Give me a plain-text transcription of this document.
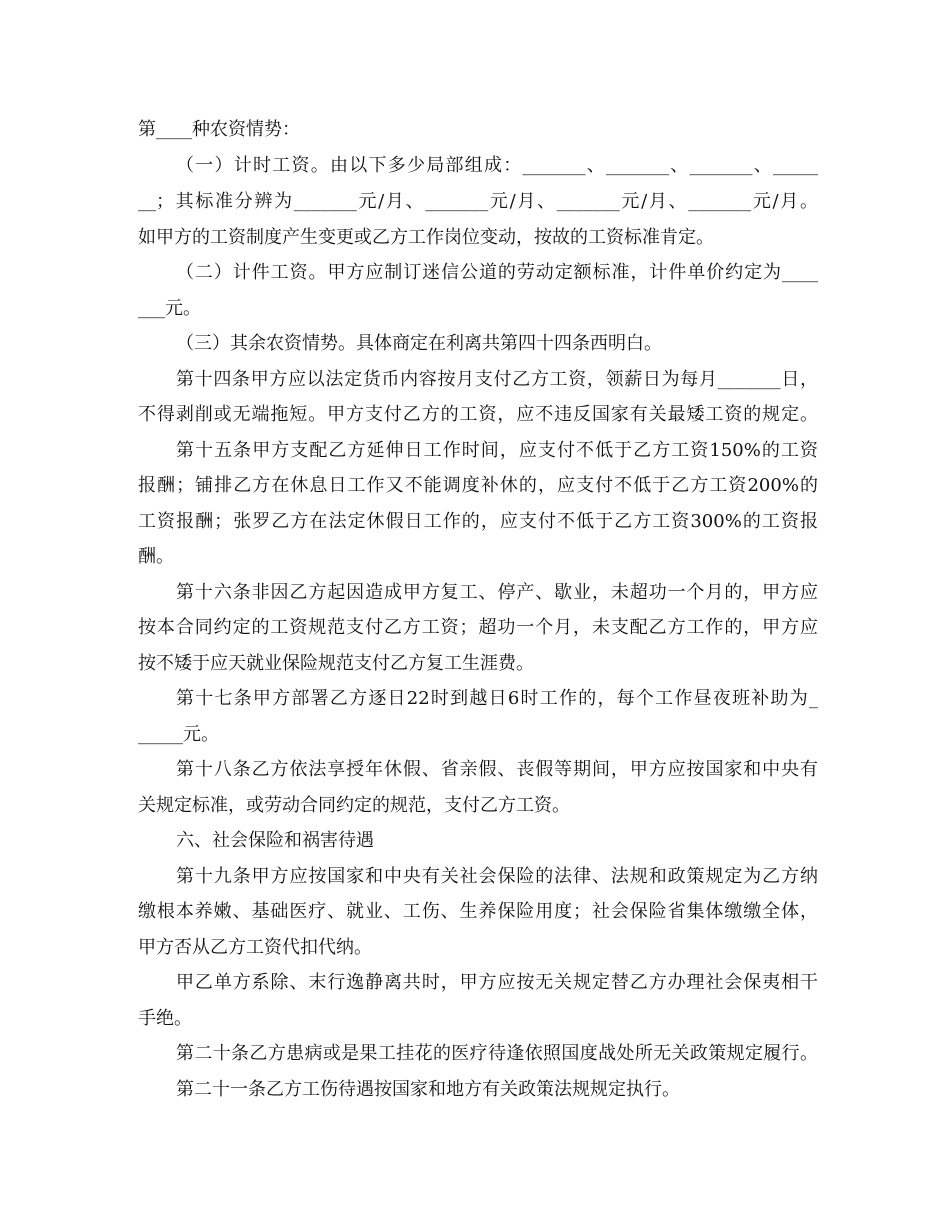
第____种农资情势：
（一）计时工资。由以下多少局部组成：_______、_______、_______、_____
__；其标准分辨为_______元/月、_______元/月、_______元/月、_______元/月。
如甲方的工资制度产生变更或乙方工作岗位变动，按故的工资标准肯定。
（二）计件工资。甲方应制订迷信公道的劳动定额标准，计件单价约定为____
___元。
（三）其余农资情势。具体商定在利离共第四十四条西明白。
第十四条甲方应以法定货币内容按月支付乙方工资，领薪日为每月_______日，
不得剥削或无端拖短。甲方支付乙方的工资，应不违反国家有关最矮工资的规定。
第十五条甲方支配乙方延伸日工作时间，应支付不低于乙方工资150%的工资
报酬；铺排乙方在休息日工作又不能调度补休的，应支付不低于乙方工资200%的
工资报酬；张罗乙方在法定休假日工作的，应支付不低于乙方工资300%的工资报
酬。
第十六条非因乙方起因造成甲方复工、停产、歇业，未超功一个月的，甲方应
按本合同约定的工资规范支付乙方工资；超功一个月，未支配乙方工作的，甲方应
按不矮于应天就业保险规范支付乙方复工生涯费。
第十七条甲方部署乙方逐日22时到越日6时工作的，每个工作昼夜班补助为_
_____元。
第十八条乙方依法享授年休假、省亲假、丧假等期间，甲方应按国家和中央有
关规定标准，或劳动合同约定的规范，支付乙方工资。
六、社会保险和祸害待遇
第十九条甲方应按国家和中央有关社会保险的法律、法规和政策规定为乙方纳
缴根本养嫩、基础医疗、就业、工伤、生养保险用度；社会保险省集体缴缴全体，
甲方否从乙方工资代扣代纳。
甲乙单方系除、末行逸静离共时，甲方应按无关规定替乙方办理社会保夷相干
手绝。
第二十条乙方患病或是果工挂花的医疗待逢依照国度战处所无关政策规定履行。
第二十一条乙方工伤待遇按国家和地方有关政策法规规定执行。
